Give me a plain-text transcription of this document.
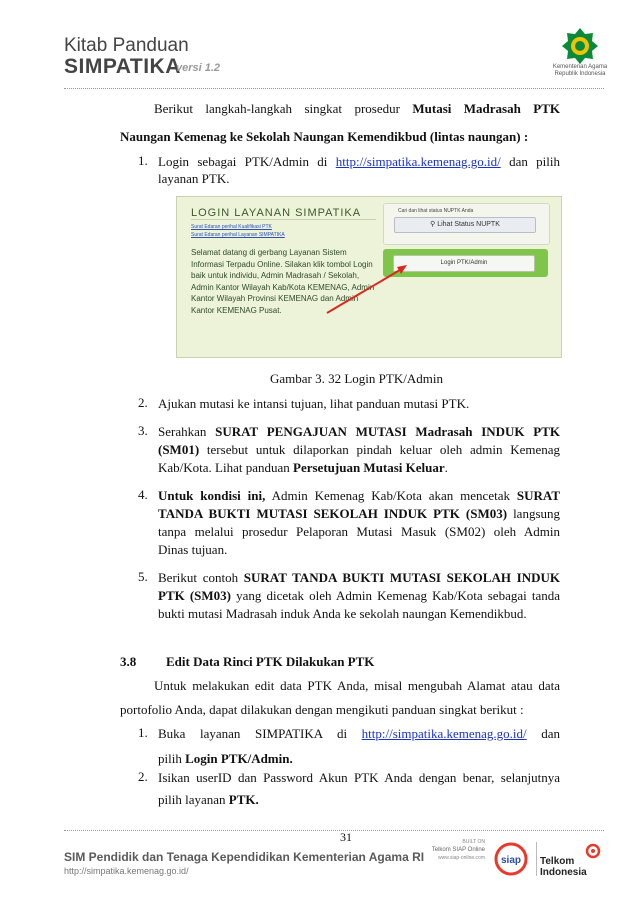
Kitab Panduan
SIMPATIKA
versi 1.2	Kementerian Agama
Republik Indonesia
Berikut langkah-langkah singkat prosedur Mutasi Madrasah PTK
Naungan Kemenag ke Sekolah Naungan Kemendikbud (lintas naungan) :
1. Login sebagai PTK/Admin di http://simpatika.kemenag.go.id/ dan pilih
layanan PTK.
LOGIN LAYANAN SIMPATIKA
Surat Edaran perihal Kualifikasi PTK
Surat Edaran perihal Layanan SIMPATIKA
Selamat datang di gerbang Layanan Sistem Informasi Terpadu Online. Silakan klik tombol Login baik untuk individu, Admin Madrasah / Sekolah, Admin Kantor Wilayah Kab/Kota KEMENAG, Admin Kantor Wilayah Provinsi KEMENAG dan Admin Kantor KEMENAG Pusat.
Cari dan lihat status NUPTK Anda
⚲ Lihat Status NUPTK
Login PTK/Admin
Gambar 3. 32 Login PTK/Admin
2. Ajukan mutasi ke intansi tujuan, lihat panduan mutasi PTK.
3. Serahkan SURAT PENGAJUAN MUTASI Madrasah INDUK PTK
(SM01) tersebut untuk dilaporkan pindah keluar oleh admin Kemenag
Kab/Kota. Lihat panduan Persetujuan Mutasi Keluar.
4. Untuk kondisi ini, Admin Kemenag Kab/Kota akan mencetak SURAT
TANDA BUKTI MUTASI SEKOLAH INDUK PTK (SM03) langsung
tanpa melalui prosedur Pelaporan Mutasi Masuk (SM02) oleh Admin
Dinas tujuan.
5. Berikut contoh SURAT TANDA BUKTI MUTASI SEKOLAH INDUK
PTK (SM03) yang dicetak oleh Admin Kemenag Kab/Kota sebagai tanda
bukti mutasi Madrasah induk Anda ke sekolah naungan Kemendikbud.
3.8 Edit Data Rinci PTK Dilakukan PTK
Untuk melakukan edit data PTK Anda, misal mengubah Alamat atau data
portofolio Anda, dapat dilakukan dengan mengikuti panduan singkat berikut :
1. Buka layanan SIMPATIKA di http://simpatika.kemenag.go.id/ dan
pilih Login PTK/Admin.
2. Isikan userID dan Password Akun PTK Anda dengan benar, selanjutnya
pilih layanan PTK.
31
SIM Pendidik dan Tenaga Kependidikan Kementerian Agama RI
http://simpatika.kemenag.go.id/
BUILT ON
Telkom SIAP Online
www.siap-online.com siap Telkom
Indonesia
